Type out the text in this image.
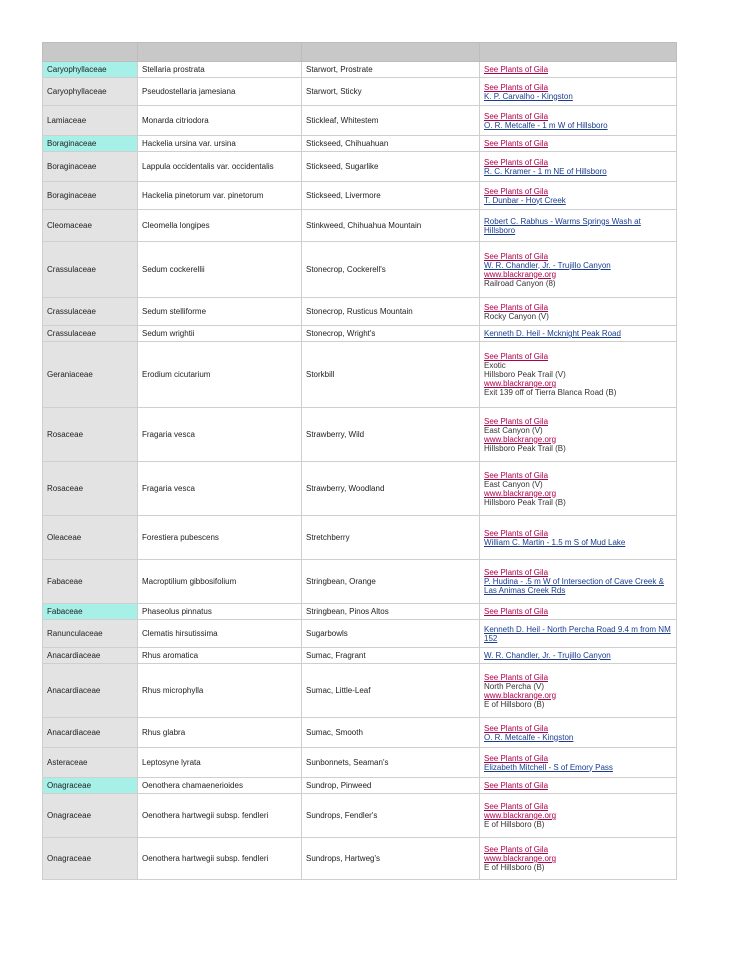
Caryophyllaceae	Stellaria prostrata	Starwort, Prostrate	See Plants of Gila

Caryophyllaceae	Pseudostellaria jamesiana	Starwort, Sticky	See Plants of Gila
K. P. Carvalho - Kingston

Lamiaceae	Monarda citriodora	Stickleaf, Whitestem	See Plants of Gila
O. R. Metcalfe - 1 m W of Hillsboro

Boraginaceae	Hackelia ursina var. ursina	Stickseed, Chihuahuan	See Plants of Gila

Boraginaceae	Lappula occidentalis var. occidentalis	Stickseed, Sugarlike	See Plants of Gila
R. C. Kramer - 1 m NE of Hillsboro

Boraginaceae	Hackelia pinetorum var. pinetorum	Stickseed, Livermore	See Plants of Gila
T. Dunbar - Hoyt Creek

Cleomaceae	Cleomella longipes	Stinkweed, Chihuahua Mountain	Robert C. Rabhus - Warms Springs Wash at Hillsboro

Crassulaceae	Sedum cockerellii	Stonecrop, Cockerell's	See Plants of Gila
W. R. Chandler, Jr. - Trujillo Canyon
www.blackrange.org
Railroad Canyon (8)

Crassulaceae	Sedum stelliforme	Stonecrop, Rusticus Mountain	See Plants of Gila
Rocky Canyon (V)

Crassulaceae	Sedum wrightii	Stonecrop, Wright's	Kenneth D. Heil - Mcknight Peak Road

Geraniaceae	Erodium cicutarium	Storkbill	See Plants of Gila
Exotic
Hillsboro Peak Trail (V)
www.blackrange.org
Exit 139 off of Tierra Blanca Road (B)

Rosaceae	Fragaria vesca	Strawberry, Wild	See Plants of Gila
East Canyon (V)
www.blackrange.org
Hillsboro Peak Trail (B)

Rosaceae	Fragaria vesca	Strawberry, Woodland	See Plants of Gila
East Canyon (V)
www.blackrange.org
Hillsboro Peak Trail (B)

Oleaceae	Forestiera pubescens	Stretchberry	See Plants of Gila
William C. Martin - 1.5 m S of Mud Lake

Fabaceae	Macroptilium gibbosifolium	Stringbean, Orange	See Plants of Gila
P. Hudina - .5 m W of Intersection of Cave Creek & Las Animas Creek Rds

Fabaceae	Phaseolus pinnatus	Stringbean, Pinos Altos	See Plants of Gila

Ranunculaceae	Clematis hirsutissima	Sugarbowls	Kenneth D. Heil - North Percha Road 9.4 m from NM 152

Anacardiaceae	Rhus aromatica	Sumac, Fragrant	W. R. Chandler, Jr. - Trujillo Canyon

Anacardiaceae	Rhus microphylla	Sumac, Little-Leaf	See Plants of Gila
North Percha (V)
www.blackrange.org
E of Hillsboro (B)

Anacardiaceae	Rhus glabra	Sumac, Smooth	See Plants of Gila
O. R. Metcalfe - Kingston

Asteraceae	Leptosyne lyrata	Sunbonnets, Seaman's	See Plants of Gila
Elizabeth Mitchell - S of Emory Pass

Onagraceae	Oenothera chamaenerioides	Sundrop, Pinweed	See Plants of Gila

Onagraceae	Oenothera hartwegii subsp. fendleri	Sundrops, Fendler's	See Plants of Gila
www.blackrange.org
E of Hillsboro (B)

Onagraceae	Oenothera hartwegii subsp. fendleri	Sundrops, Hartweg's	See Plants of Gila
www.blackrange.org
E of Hillsboro (B)
